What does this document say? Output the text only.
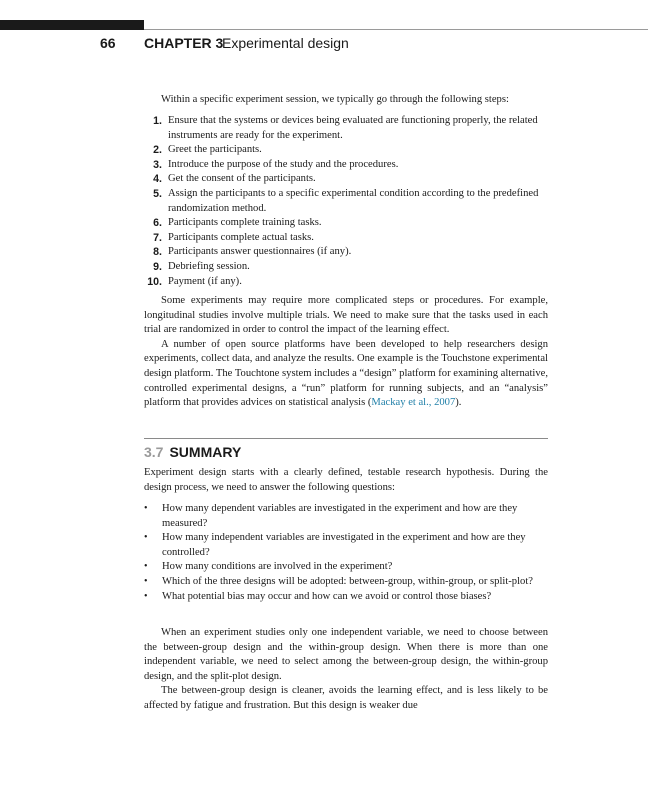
66 CHAPTER 3
Experimental design

Within a specific experiment session, we typically go through the following steps:

1. Ensure that the systems or devices being evaluated are functioning properly, the related instruments are ready for the experiment.
2. Greet the participants.
3. Introduce the purpose of the study and the procedures.
4. Get the consent of the participants.
5. Assign the participants to a specific experimental condition according to the predefined randomization method.
6. Participants complete training tasks.
7. Participants complete actual tasks.
8. Participants answer questionnaires (if any).
9. Debriefing session.
10. Payment (if any).

Some experiments may require more complicated steps or procedures. For example, longitudinal studies involve multiple trials. We need to make sure that the tasks used in each trial are randomized in order to control the impact of the learning effect.

A number of open source platforms have been developed to help researchers design experiments, collect data, and analyze the results. One example is the Touchstone experimental design platform. The Touchtone system includes a “design” platform for examining alternative, controlled experimental designs, a “run” platform for running subjects, and an “analysis” platform that provides advices on statistical analysis (Mackay et al., 2007).

3.7 SUMMARY

Experiment design starts with a clearly defined, testable research hypothesis. During the design process, we need to answer the following questions:

• How many dependent variables are investigated in the experiment and how are they measured?
• How many independent variables are investigated in the experiment and how are they controlled?
• How many conditions are involved in the experiment?
• Which of the three designs will be adopted: between-group, within-group, or split-plot?
• What potential bias may occur and how can we avoid or control those biases?

When an experiment studies only one independent variable, we need to choose between the between-group design and the within-group design. When there is more than one independent variable, we need to select among the between-group design, the within-group design, and the split-plot design.

The between-group design is cleaner, avoids the learning effect, and is less likely to be affected by fatigue and frustration. But this design is weaker due
